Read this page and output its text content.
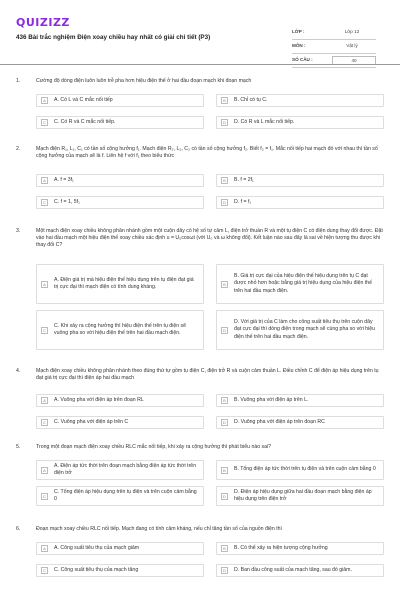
QUIZIZZ
436 Bài trắc nghiệm Điện xoay chiều hay nhất có giải chi tiết (P3)
LỚP :	Lớp 12
MÔN :	Vật lý
SỐ CÂU :	40
1.	Cường độ dòng điện luôn luôn trễ pha hơn hiệu điện thế ở hai đầu đoạn mạch khi đoạn mạch
A	A. Có L và C mắc nối tiếp	B	B. Chỉ có tụ C.
C	C. Có R và C mắc nối tiếp.	D	D. Có R và L mắc nối tiếp.
2.	Mạch điện R₁, L₁, C₁ có tần số cộng hưởng f₁. Mạch điện R₂, L₂, C₂ có tần số cộng hưởng f₂. Biết f₂ = f₁. Mắc nối tiếp hai mạch đó với nhau thì tần số cộng hưởng của mạch sẽ là f. Liên hệ f với f₁ theo biểu thức
A	A. f = 3f₁	B	B. f = 2f₁
C	C. f = 1, 5f₁	D	D. f = f₁
3.	Một mạch điện xoay chiều không phân nhánh gồm một cuộn dây có hệ số tự cảm L, điện trở thuần R và một tụ điện C có điện dung thay đổi được. Đặt vào hai đầu mạch một hiệu điện thế xoay chiều xác định u = U₀cosωt (với U₀ và ω không đổi). Kết luận nào sau đây là sai về hiện tượng thu được khi thay đổi C?
A
A. Điện giá trị mà hiệu điện thế hiệu dụng trên tụ điện đạt giá trị cực đại thì mạch điện có tính dung kháng.	B
B. Giá trị cực đại của hiệu điện thế hiệu dụng trên tụ C đạt được nhỏ hơn hoặc bằng giá trị hiệu dụng của hiệu điện thế trên hai đầu mạch điện.
C
C. Khi xảy ra cộng hưởng thì hiệu điện thế trên tụ điện sẽ vuông pha so với hiệu điện thế trên hai đầu mạch điện.	D
D. Với giá trị của C làm cho công suất tiêu thụ trên cuộn dây đạt cực đại thì dòng điện trong mạch sẽ cùng pha so với hiệu điện thế trên hai đầu mạch điện.
4.	Mạch điện xoay chiều không phân nhánh theo đúng thứ tự gồm tụ điện C, điện trở R và cuộn cảm thuần L. Điều chỉnh C để điện áp hiệu dụng trên tụ đạt giá trị cực đại thì điện áp hai đầu mạch
A	A. Vuông pha với điện áp trên đoạn RL	B	B. Vuông pha với điện áp trên L.
C	C. Vuông pha với điện áp trên C	D	D. Vuông pha với điện áp trên đoạn RC
5.	Trong một đoạn mạch điện xoay chiều RLC mắc nối tiếp, khi xảy ra cộng hưởng thì phát biểu nào sai?
A
A. Điện áp tức thời trên đoạn mạch bằng điện áp tức thời trên điện trở	B	B. Tổng điện áp tức thời trên tụ điện và trên cuộn cảm bằng 0
C
C. Tổng điện áp hiệu dụng trên tụ điện và trên cuộn cảm bằng 0	D
D. Điện áp hiệu dụng giữa hai đầu đoạn mạch bằng điện áp hiệu dụng trên điện trở
6.	Đoạn mạch xoay chiều RLC nối tiếp. Mạch đang có tính cảm kháng, nếu chỉ tăng tần số của nguồn điện thì
A	A. Công suất tiêu thụ của mạch giảm	B	B. Có thể xảy ra hiện tượng cộng hưởng
C	C. Công suất tiêu thụ của mạch tăng	D	D. Ban đầu công suất của mạch tăng, sau đó giảm.
